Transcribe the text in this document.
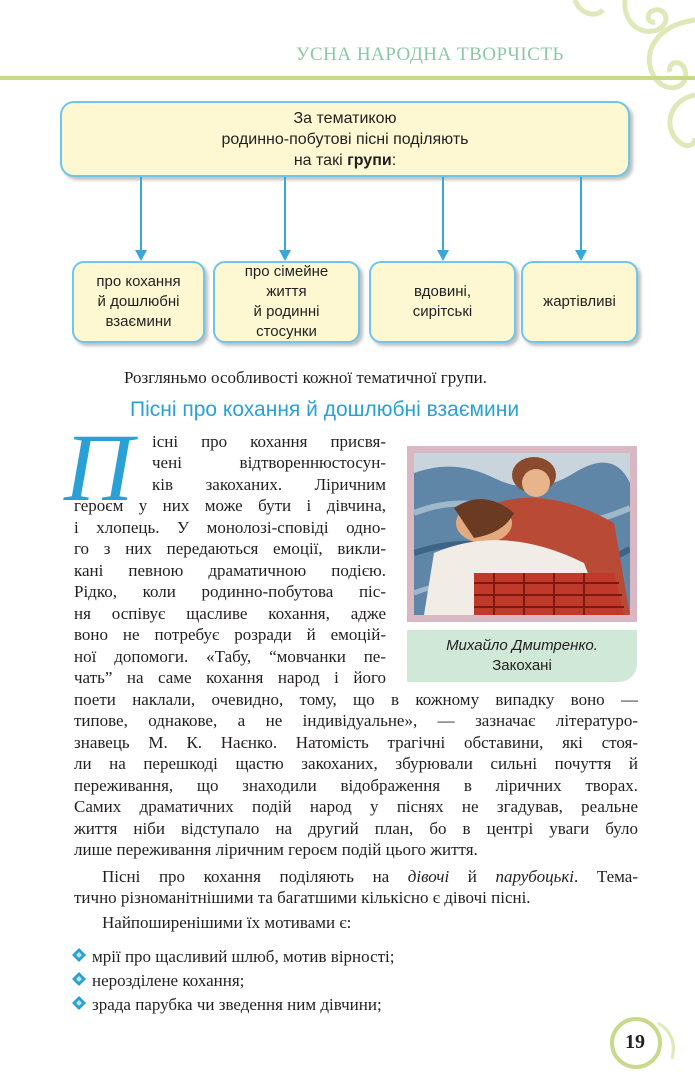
УСНА НАРОДНА ТВОРЧІСТЬ
За тематикою
родинно-побутові пісні поділяють
на такі групи:
про кохання
й дошлюбні
взаємини
про сімейне
життя
й родинні
стосунки
вдовині,
сирітські
жартівливі
Розгляньмо особливості кожної тематичної групи.
Пісні про кохання й дошлюбні взаємини
П існі про кохання присвя-
чені відтвореннюстосун-
ків закоханих. Ліричним
героєм у них може бути і дівчина,
і хлопець. У монолозі-сповіді одно-
го з них передаються емоції, викли-
кані певною драматичною подією.
Рідко, коли родинно-побутова піс-
ня оспівує щасливе кохання, адже
воно не потребує розради й емоцій-
ної допомоги. «Табу, “мовчанки пе-
чать” на саме кохання народ і його
поети наклали, очевидно, тому, що в кожному випадку воно —
типове, однакове, а не індивідуальне», — зазначає літературо-
знавець М. К. Наєнко. Натомість трагічні обставини, які стоя-
ли на перешкоді щастю закоханих, збурювали сильні почуття й
переживання, що знаходили відображення в ліричних творах.
Самих драматичних подій народ у піснях не згадував, реальне
життя ніби відступало на другий план, бо в центрі уваги було
лише переживання ліричним героєм подій цього життя.
Пісні про кохання поділяють на дівочі й парубоцькі. Тема-
тично різноманітнішими та багатшими кількісно є дівочі пісні.
Найпоширенішими їх мотивами є:
мрії про щасливий шлюб, мотив вірності;
нерозділене кохання;
зрада парубка чи зведення ним дівчини;
Михайло Дмитренко.
Закохані
19
